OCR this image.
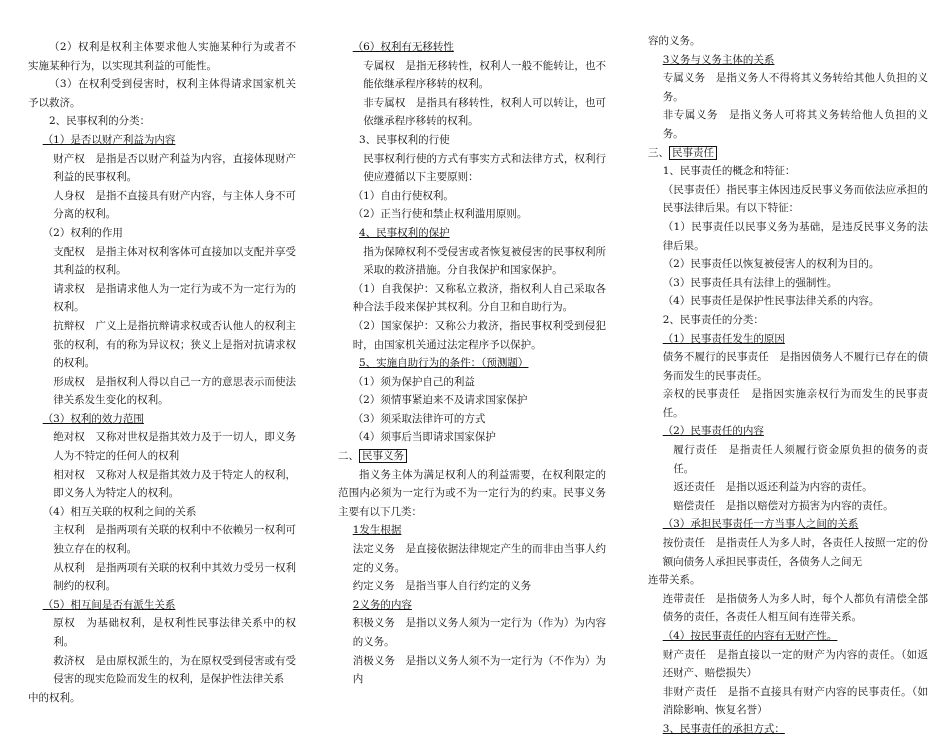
（2）权利是权利主体要求他人实施某种行为或者不实施某种行为，以实现其利益的可能性。

（3）在权利受到侵害时，权利主体得请求国家机关予以救济。

2、民事权利的分类：

（1）是否以财产利益为内容

财产权　是指是否以财产利益为内容，直接体现财产利益的民事权利。

人身权　是指不直接具有财产内容，与主体人身不可分离的权利。

（2）权利的作用

支配权　是指主体对权利客体可直接加以支配并享受其利益的权利。

请求权　是指请求他人为一定行为或不为一定行为的权利。

抗辩权　广义上是指抗辩请求权或否认他人的权利主张的权利，有的称为异议权；狭义上是指对抗请求权的权利。

形成权　是指权利人得以自己一方的意思表示而使法律关系发生变化的权利。

（3）权利的效力范围

绝对权　又称对世权是指其效力及于一切人，即义务人为不特定的任何人的权利

相对权　又称对人权是指其效力及于特定人的权利，即义务人为特定人的权利。

（4）相互关联的权利之间的关系

主权利　是指两项有关联的权利中不依赖另一权利可独立存在的权利。

从权利　是指两项有关联的权利中其效力受另一权利制约的权利。

（5）相互间是否有派生关系

原权　为基础权利，是权利性民事法律关系中的权利。

救济权　是由原权派生的，为在原权受到侵害或有受侵害的现实危险而发生的权利，是保护性法律关系

中的权利。

（6）权利有无移转性

专属权　是指无移转性，权利人一般不能转让，也不能依继承程序移转的权利。

非专属权　是指具有移转性，权利人可以转让，也可依继承程序移转的权利。

3、民事权利的行使

民事权利行使的方式有事实方式和法律方式，权利行使应遵循以下主要原则：

（1）自由行使权利。

（2）正当行使和禁止权利滥用原则。

4、民事权利的保护

指为保障权利不受侵害或者恢复被侵害的民事权利所采取的救济措施。分自我保护和国家保护。

（1）自我保护：又称私立救济，指权利人自己采取各种合法手段来保护其权利。分自卫和自助行为。

（2）国家保护：又称公力救济，指民事权利受到侵犯时，由国家机关通过法定程序予以保护。

5、实施自助行为的条件：（预测题）

（1）须为保护自己的利益

（2）须情事紧迫来不及请求国家保护

（3）须采取法律许可的方式

（4）须事后当即请求国家保护

二、 民事义务

指义务主体为满足权利人的利益需要，在权利限定的范围内必须为一定行为或不为一定行为的约束。民事义务主要有以下几类：

1发生根据

法定义务　是直接依据法律规定产生的而非由当事人约定的义务。

约定义务　是指当事人自行约定的义务

2义务的内容

积极义务　是指以义务人须为一定行为（作为）为内容的义务。

消极义务　是指以义务人须不为一定行为（不作为）为内

容的义务。

3义务与义务主体的关系

专属义务　是指义务人不得将其义务转给其他人负担的义务。

非专属义务　是指义务人可将其义务转给他人负担的义务。

三、 民事责任

1、民事责任的概念和特征：

（民事责任）指民事主体因违反民事义务而依法应承担的民事法律后果。有以下特征：

（1）民事责任以民事义务为基础，是违反民事义务的法律后果。

（2）民事责任以恢复被侵害人的权利为目的。

（3）民事责任具有法律上的强制性。

（4）民事责任是保护性民事法律关系的内容。

2、民事责任的分类：

（1）民事责任发生的原因

债务不履行的民事责任　是指因债务人不履行已存在的债务而发生的民事责任。

亲权的民事责任　是指因实施亲权行为而发生的民事责任。

（2）民事责任的内容

履行责任　是指责任人须履行资金原负担的债务的责任。

返还责任　是指以返还利益为内容的责任。

赔偿责任　是指以赔偿对方损害为内容的责任。

（3）承担民事责任一方当事人之间的关系

按份责任　是指责任人为多人时，各责任人按照一定的份额向债务人承担民事责任，各债务人之间无

连带关系。

连带责任　是指债务人为多人时，每个人都负有清偿全部债务的责任，各责任人相互间有连带关系。

（4）按民事责任的内容有无财产性。

财产责任　是指直接以一定的财产为内容的责任。（如返还财产、赔偿损失）

非财产责任　是指不直接具有财产内容的民事责任。（如消除影响、恢复名誉）

3、民事责任的承担方式：
